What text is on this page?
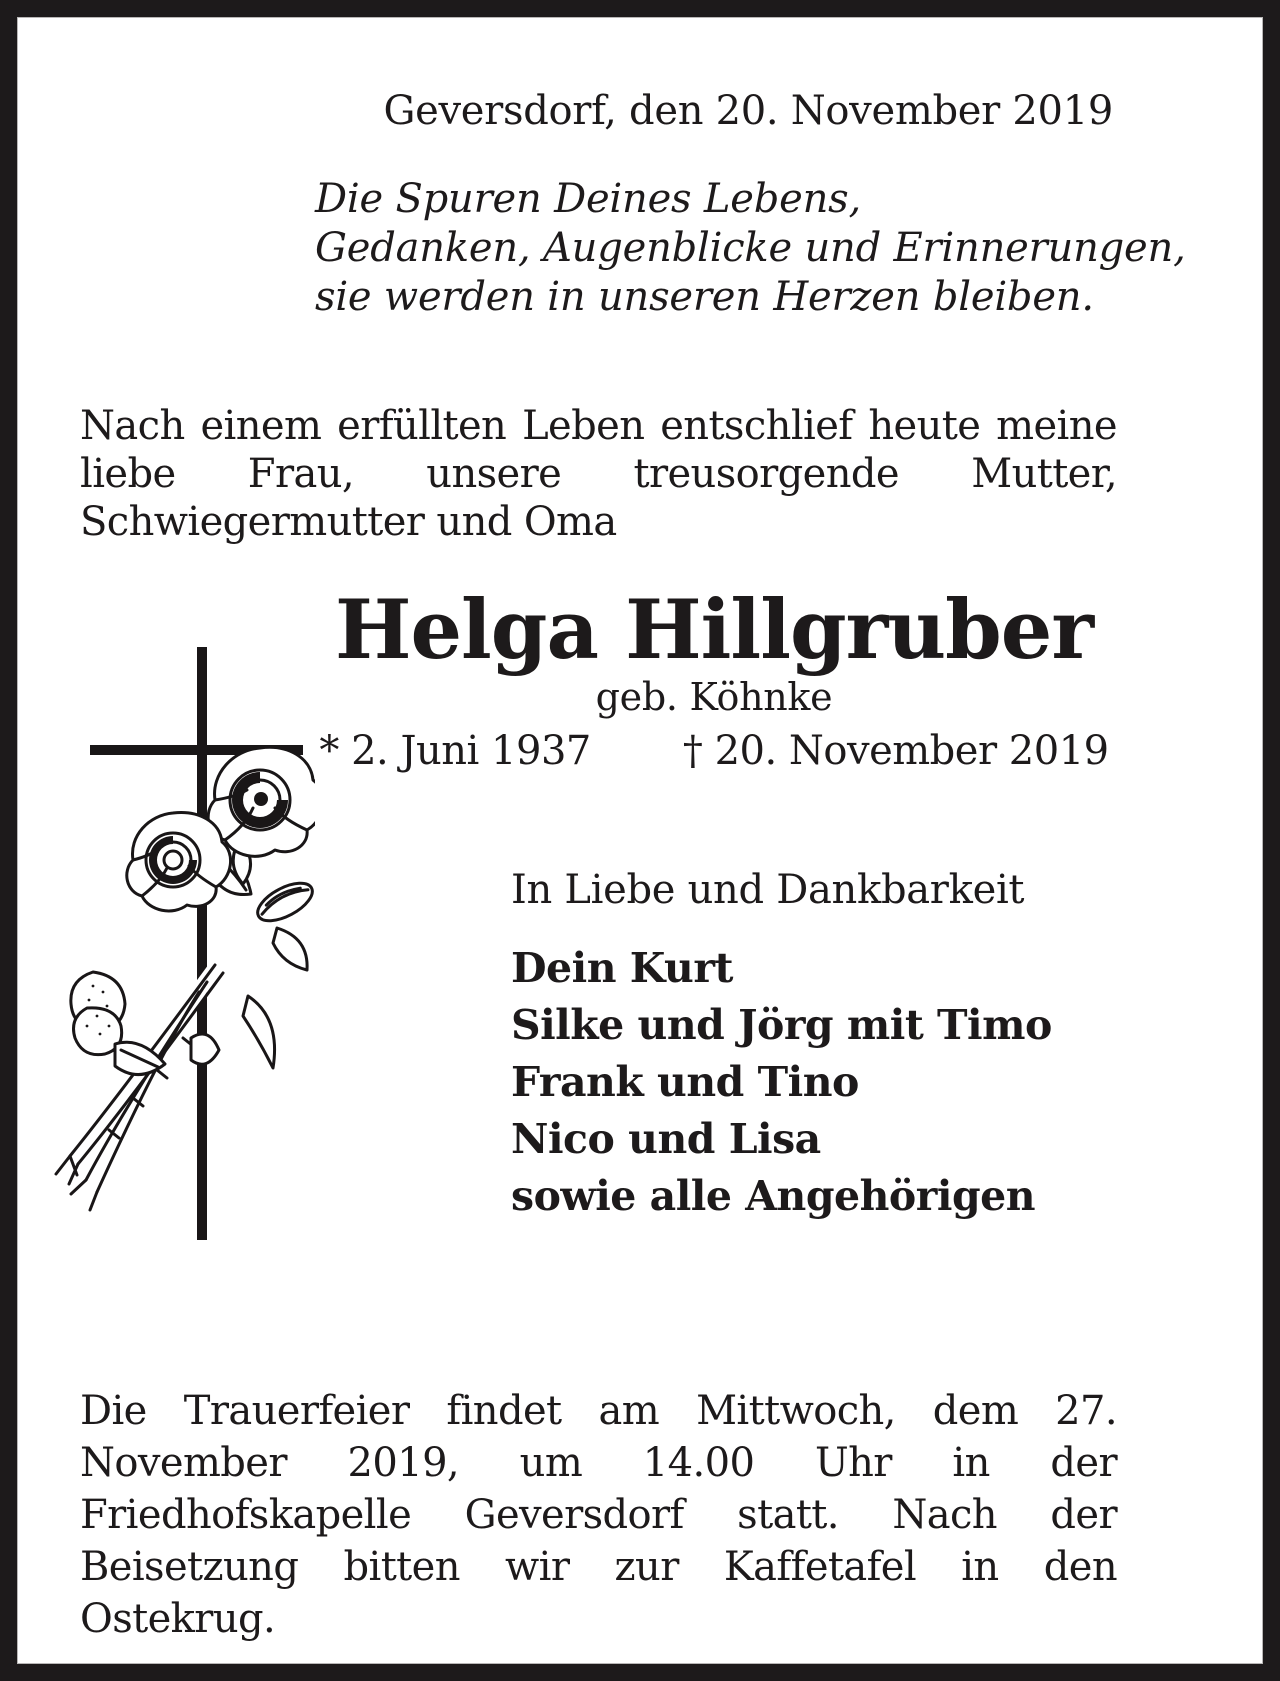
Geversdorf, den 20. November 2019
Die Spuren Deines Lebens,
Gedanken, Augenblicke und Erinnerungen,
sie werden in unseren Herzen bleiben.

Nach einem erfüllten Leben entschlief heute meine liebe Frau, unsere treusorgende Mutter, Schwiegermutter und Oma

Helga Hillgruber
geb. Köhnke
* 2. Juni 1937 † 20. November 2019
In Liebe und Dankbarkeit
Dein Kurt
Silke und Jörg mit Timo
Frank und Tino
Nico und Lisa
sowie alle Angehörigen

Die Trauerfeier findet am Mittwoch, dem 27. November 2019, um 14.00 Uhr in der Friedhofskapelle Geversdorf statt. Nach der Beisetzung bitten wir zur Kaffetafel in den Ostekrug.
